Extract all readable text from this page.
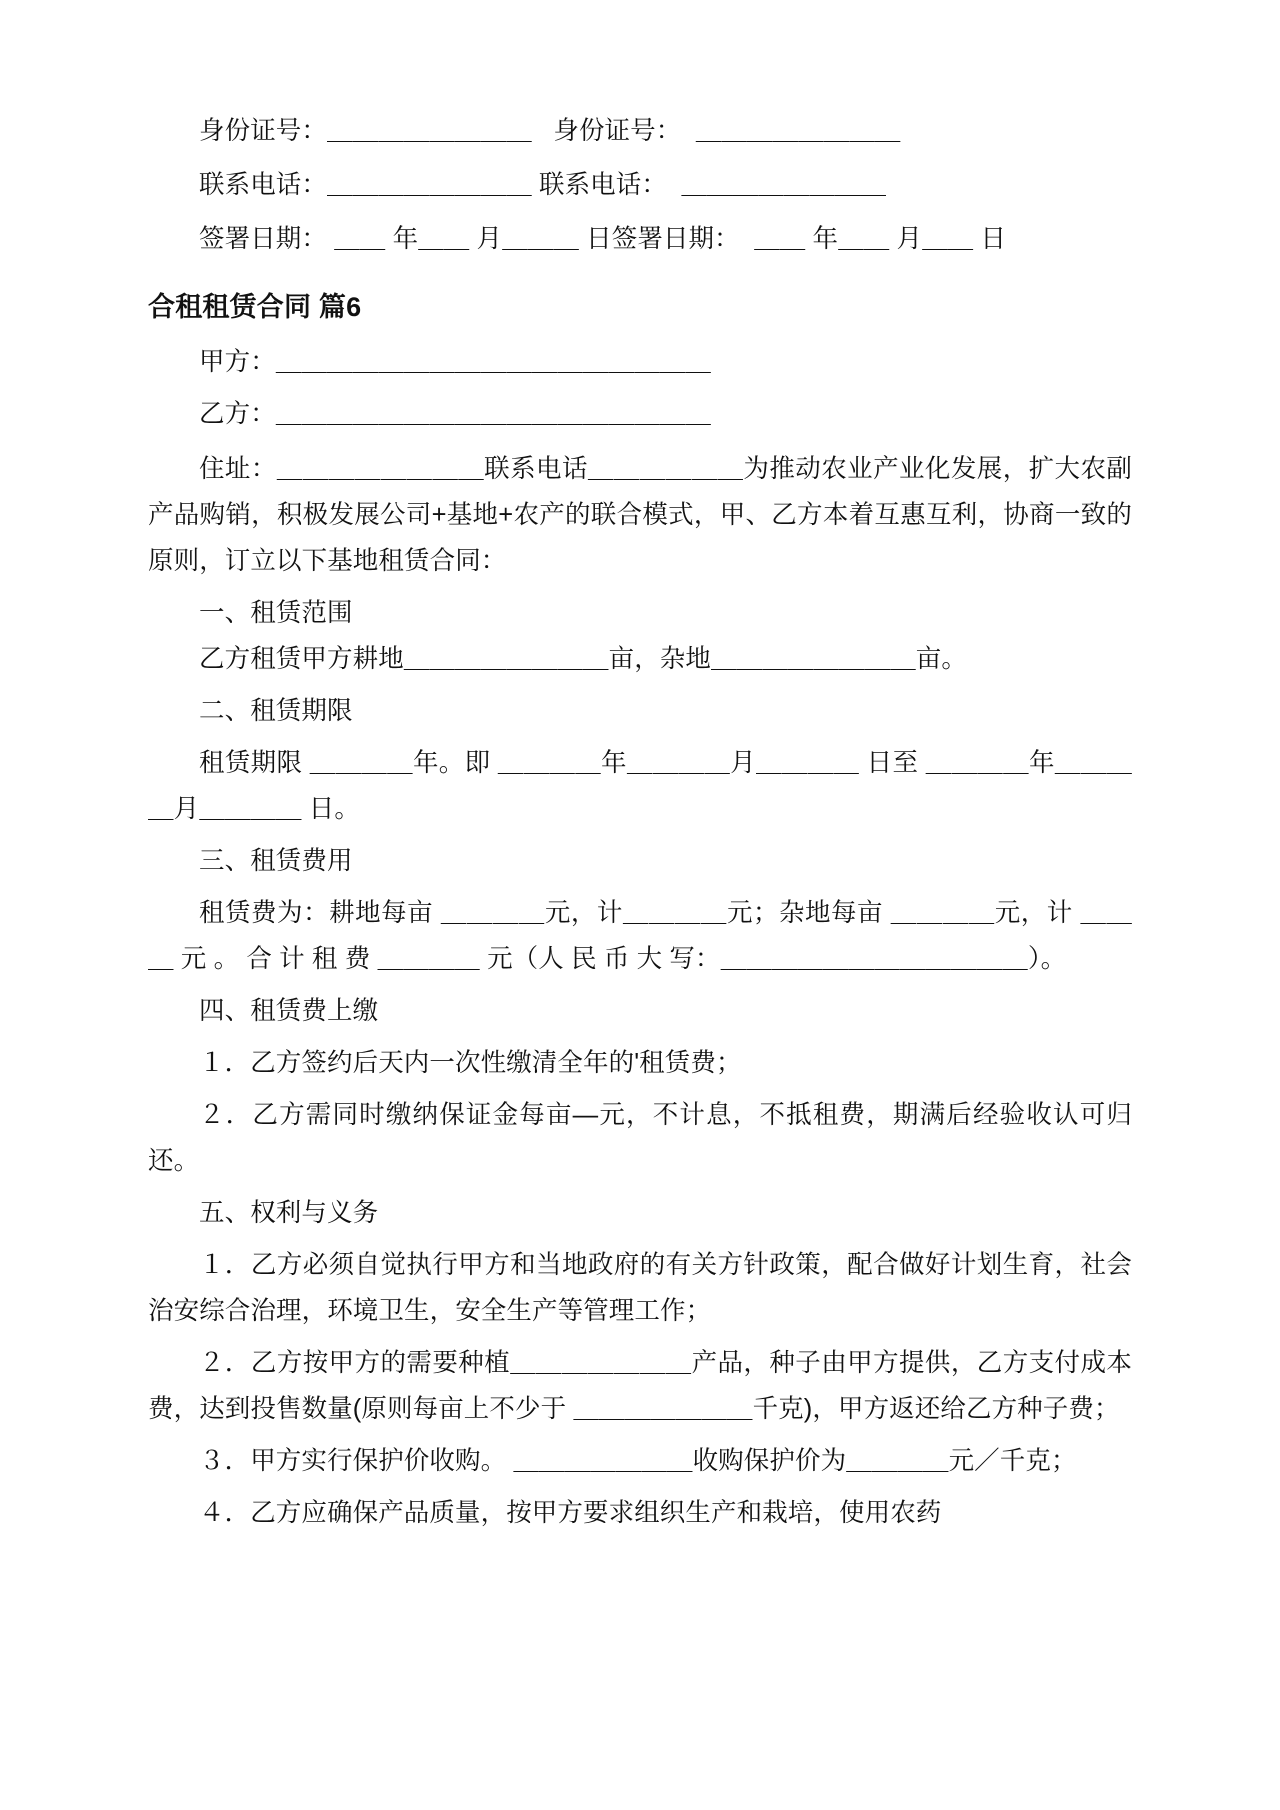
身份证号：＿＿＿＿＿＿＿＿   身份证号：  ＿＿＿＿＿＿＿＿

联系电话：＿＿＿＿＿＿＿＿ 联系电话：  ＿＿＿＿＿＿＿＿

签署日期： ＿＿ 年＿＿ 月＿＿＿ 日签署日期：  ＿＿ 年＿＿ 月＿＿ 日

合租租赁合同 篇6

甲方：＿＿＿＿＿＿＿＿＿＿＿＿＿＿＿＿＿

乙方：＿＿＿＿＿＿＿＿＿＿＿＿＿＿＿＿＿

住址：＿＿＿＿＿＿＿＿联系电话＿＿＿＿＿＿为推动农业产业化发展，扩大农副产品购销，积极发展公司+基地+农产的联合模式，甲、乙方本着互惠互利，协商一致的原则，订立以下基地租赁合同：

一、租赁范围

乙方租赁甲方耕地＿＿＿＿＿＿＿＿亩，杂地＿＿＿＿＿＿＿＿亩。

二、租赁期限

租赁期限 ＿＿＿＿年。即 ＿＿＿＿年＿＿＿＿月＿＿＿＿ 日至 ＿＿＿＿年＿＿＿＿月＿＿＿＿ 日。

三、租赁费用

租赁费为：耕地每亩 ＿＿＿＿元，计＿＿＿＿元；杂地每亩 ＿＿＿＿元，计 ＿＿＿ 元 。 合 计 租 费 ＿＿＿＿ 元（人 民 币 大 写：＿＿＿＿＿＿＿＿＿＿＿＿）。

四、租赁费上缴

１．乙方签约后天内一次性缴清全年的'租赁费；

２．乙方需同时缴纳保证金每亩—元，不计息，不抵租费，期满后经验收认可归还。

五、权利与义务

１．乙方必须自觉执行甲方和当地政府的有关方针政策，配合做好计划生育，社会治安综合治理，环境卫生，安全生产等管理工作；

２．乙方按甲方的需要种植＿＿＿＿＿＿＿产品，种子由甲方提供，乙方支付成本费，达到投售数量(原则每亩上不少于 ＿＿＿＿＿＿＿千克)，甲方返还给乙方种子费；

３．甲方实行保护价收购。 ＿＿＿＿＿＿＿收购保护价为＿＿＿＿元／千克；

４．乙方应确保产品质量，按甲方要求组织生产和栽培，使用农药
